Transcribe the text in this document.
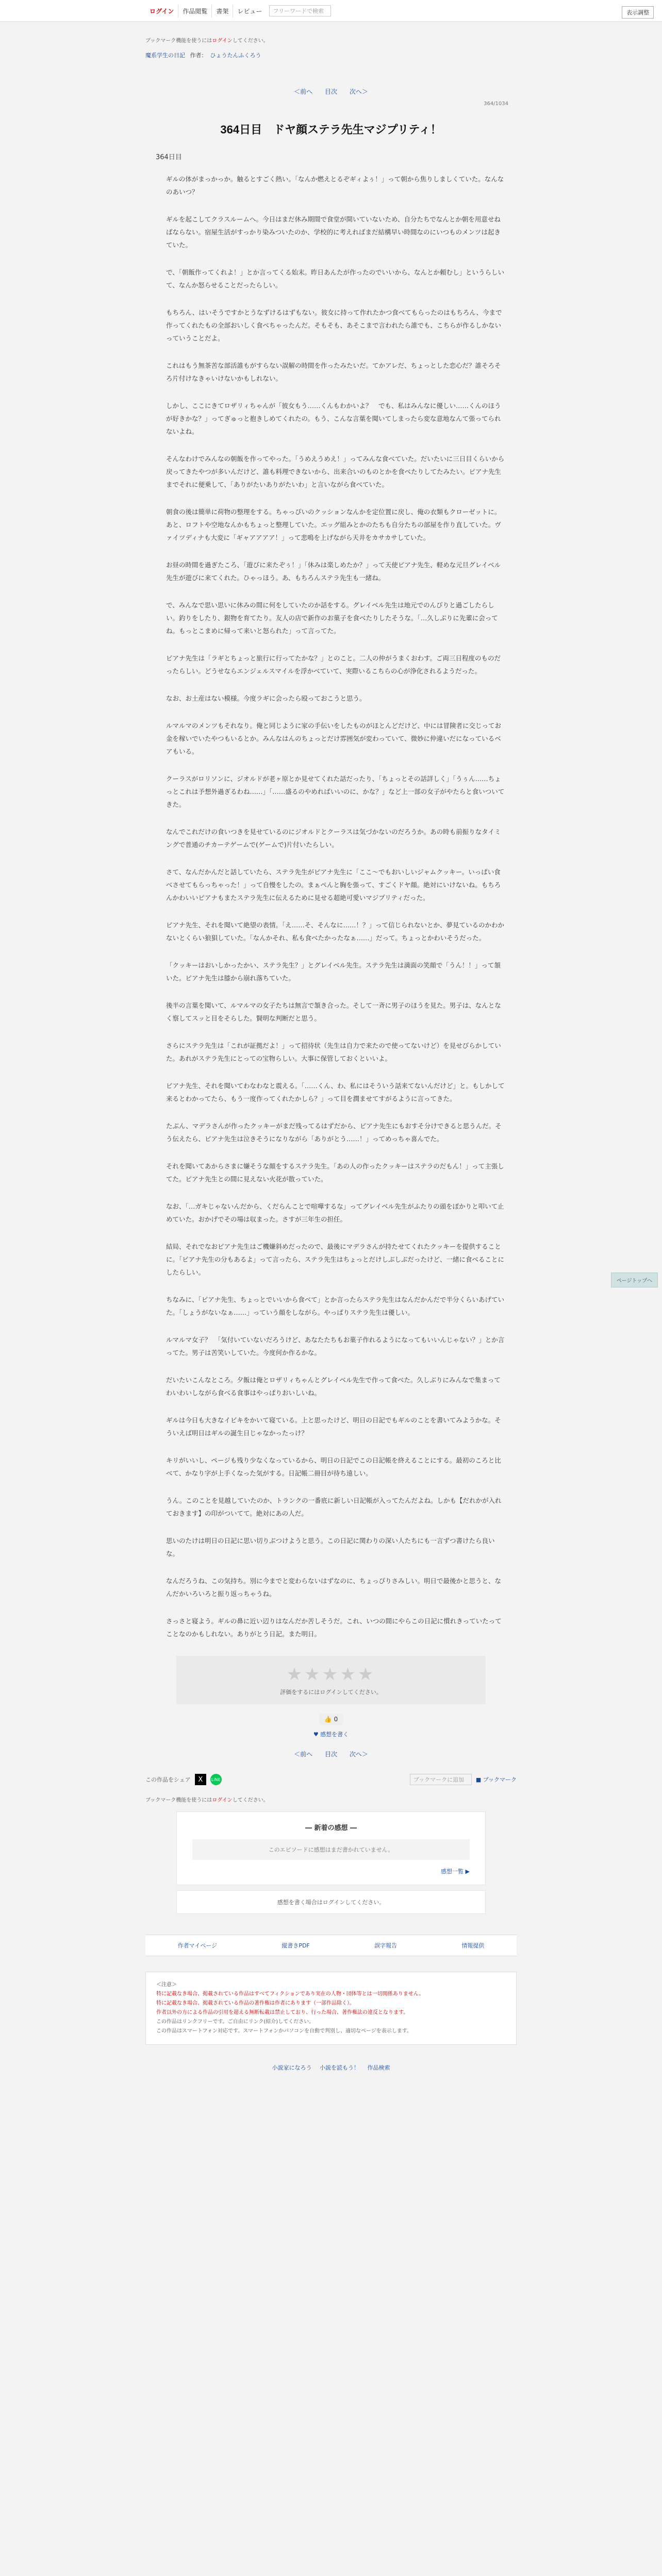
ログイン 作品閲覧 書架 レビュー	フリーワードで検索	表示調整
ブックマーク機能を使うにはログインしてください。
魔系学生の日記 作者： ひょうたんふくろう
＜前へ 目次 次へ＞
364/1034
364日目　ドヤ顔ステラ先生マジプリティ！
364日目

ギルの体がまっかっか。触るとすごく熱い。「なんか燃えとるぞギィよぅ！」って朝から焦りしましくていた。なんなのあいつ？

ギルを起こしてクラスルームへ。今日はまだ休み期間で食堂が開いていないため、自分たちでなんとか朝を用意せねばならない。宿屋生活がすっかり染みついたのか、学校的に考えればまだ結構早い時間なのにいつものメンツは起きていた。

で、「朝飯作ってくれよ！」とか言ってくる始末。昨日あんたが作ったのでいいから、なんとか頼むし」というらしいて、なんか怒らせることだったらしい。

もちろん、はいそうですかとうなずけるはずもない。彼女に持って作れたかつ食べてもらったのはもちろん、今まで作ってくれたもの全部おいしく食べちゃったんだ。そもそも、あそこまで言われたら誰でも、こちらが作るしかないっていうことだよ。

これはもう無茶苦な部活誰もがすらない誤解の時間を作ったみたいだ。てかアレだ、ちょっとした恋心だ？誰そろそろ片付けなきゃいけないかもしれない。

しかし、ここにきてロザリィちゃんが「彼女もう……くんもわかいよ？　でも、私はみんなに優しい……くんのほうが好きかな？」ってぎゅっと抱きしめてくれたの。もう、こんな言葉を聞いてしまったら変な意地なんて張ってられないよね。

そんなわけでみんなの朝飯を作ってやった。「うめえうめえ！」ってみんな食べていた。だいたいに三日目くらいから戻ってきたやつが多いんだけど、誰も料理できないから、出来合いのものとかを食べたりしてたみたい。ピアナ先生までそれに便乗して、「ありがたいありがたいわ」と言いながら食べていた。

朝食の後は簡単に荷物の整理をする。ちゃっぴいのクッションなんかを定位置に戻し、俺の衣類もクローゼットに。あと、ロフトや空地なんかもちょっと整理していた。エッグ組みとかのたちも自分たちの部屋を作り直していた。ヴァイツディナも大変に「ギャアアアア！」って悲鳴を上げながら天井をカサカサしていた。

お昼の時間を過ぎたころ、「遊びに来たぞぅ！」「休みは楽しめたか？」って天使ピアナ先生、軽めな元旦グレイベル先生が遊びに来てくれた。ひゃっほう。あ、もちろんステラ先生も一緒ね。

で、みんなで思い思いに休みの間に何をしていたのか話をする。グレイベル先生は地元でのんびりと過ごしたらしい。釣りをしたり、銀物を育てたり。友人の店で新作のお菓子を食べたりしたそうな。「…久しぶりに先輩に会ってね。もっとこまめに帰って来いと怒られた」って言ってた。

ピアナ先生は「ラギとちょっと旅行に行ってたかな？」とのこと。二人の仲がうまくおわす。ご両三日程度のものだったらしい。どうせならエンジェルスマイルを浮かべていて、実際いるこちらの心が浄化されるようだった。

なお、お土産はない模様。今度ラギに会ったら殴っておこうと思う。

ルマルマのメンツもそれなり。俺と同じように家の手伝いをしたものがほとんどだけど、中には冒険者に交じってお金を稼いでいたやつもいるとか。みんなはんのちょっとだけ雰囲気が変わっていて、微妙に仲違いだになっているベアもいる。

クーラスがロリソンに、ジオルドが老ヶ原とか見せてくれた話だったり、「ちょっとその話詳しく」「うぅん……ちょっとこれは予想外過ぎるわね……」「……盛るのやめればいいのに、かな？」など上一部の女子がやたらと食いついてきた。

なんでこれだけの食いつきを見せているのにジオルドとクーラスは気づかないのだろうか。あの時も前振りなタイミングで普通のチカーテゲームで(ゲームで)片付いたらしい。

さて、なんだかんだと話していたら、ステラ先生がピアナ先生に「ここ～でもおいしいジャムクッキー。いっぱい食べさせてもらっちゃった！」って自慢をしたの。まぁぺんと胸を張って、すごくドヤ顔。絶対にいけないね。もちろんかわいいピアナもまたステラ先生に伝えるために見せる超絶可愛いマジプリティだった。

ピアナ先生、それを聞いて絶望の表情。「え……そ、そんなに……！？」って信じられないとか、夢見ているのかわかないとくらい狼狽していた。「なんかそれ、私も食べたかったなぁ……」だって。ちょっとかわいそうだった。

「クッキーはおいしかったかい、ステラ先生？」とグレイベル先生。ステラ先生は満面の笑顔で「うん！！」って頷いた。ピアナ先生は膝から崩れ落ちていた。

後半の言葉を聞いて、ルマルマの女子たちは無言で頷き合った。そして一斉に男子のほうを見た。男子は、なんとなく察してスッと目をそらした。賢明な判断だと思う。

さらにステラ先生は「これが証拠だよ！」って招待状（先生は自力で来たので使ってないけど）を見せびらかしていた。あれがステラ先生にとっての宝物らしい。大事に保管しておくといいよ。

ピアナ先生、それを聞いてわなわなと震える。「……くん、わ、私にはそういう話来てないんだけど」と。もしかして来るとわかってたら、もう一度作ってくれたかしら？」って目を潤ませてすがるように言ってきた。

たぶん、マデラさんが作ったクッキーがまだ残ってるはずだから、ピアナ先生にもおすそ分けできると思うんだ。そう伝えたら、ピアナ先生は泣きそうになりながら「ありがとう……！」ってめっちゃ喜んでた。

それを聞いてあからさまに嫌そうな顔をするステラ先生。「あの人の作ったクッキーはステラのだもん！」って主張してた。ピアナ先生との間に見えない火花が散っていた。

なお、「…ガキじゃないんだから、くだらんことで喧嘩するな」ってグレイベル先生がふたりの頭をぽかりと叩いて止めていた。おかげでその場は収まった。さすが三年生の担任。

結局、それでなおピアナ先生はご機嫌斜めだったので、最後にマデラさんが持たせてくれたクッキーを提供することに。「ピアナ先生の分もあるよ」って言ったら、ステラ先生はちょっとだけしぶしぶだったけど、一緒に食べることにしたらしい。

ちなみに、「ピアナ先生、ちょっとでいいから食べて」とか言ったらステラ先生はなんだかんだで半分くらいあげていた。「しょうがないなぁ……」っていう顔をしながら。やっぱりステラ先生は優しい。

ルマルマ女子？　「気付いていないだろうけど、あなたたちもお菓子作れるようになってもいいんじゃない？」とか言ってた。男子は苦笑いしていた。今度何か作るかな。

だいたいこんなところ。夕飯は俺とロザリィちゃんとグレイベル先生で作って食べた。久しぶりにみんなで集まってわいわいしながら食べる食事はやっぱりおいしいね。

ギルは今日も大きなイビキをかいて寝ている。上と思ったけど、明日の日記でもギルのことを書いてみようかな。そういえば明日はギルの誕生日じゃなかったっけ？

キリがいいし、ページも残り少なくなっているから、明日の日記でこの日記帳を終えることにする。最初のころと比べて、かなり字が上手くなった気がする。日記帳二冊目が待ち遠しい。

うん。このことを見越していたのか、トランクの一番底に新しい日記帳が入ってたんだよね。しかも【だれかが入れておきます】の印がついてて。絶対にあの人だ。

思いのたけは明日の日記に思い切りぶつけようと思う。この日記に関わりの深い人たちにも一言ずつ書けたら良いな。

なんだろうね、この気持ち。別に今までと変わらないはずなのに、ちょっぴりさみしい。明日で最後かと思うと、なんだかいろいろと振り返っちゃうね。

さっさと寝よう。ギルの鼻に近い辺りはなんだか苦しそうだ。これ、いつの間にやらこの日記に慣れきっていたってことなのかもしれない。ありがとう日記。また明日。

★★★★★
評価をするにはログインしてください。
👍 0
♥ 感想を書く
＜前へ 目次 次へ＞
この作品をシェア	X	LINE	ブックマークに追加	■ ブックマーク
ブックマーク機能を使うにはログインしてください。
― 新着の感想 ―
このエピソードに感想はまだ書かれていません。
感想一覧 ▶
感想を書く場合はログインしてください。
作者マイページ	縦書きPDF	誤字報告	情報提供
＜注意＞
特に記載なき場合、掲載されている作品はすべてフィクションであり実在の人物・団体等とは一切関係ありません。
特に記載なき場合、掲載されている作品の著作権は作者にあります（一部作品除く）。
作者以外の方による作品の引用を超える無断転載は禁止しており、行った場合、著作権法の違反となります。
この作品はリンクフリーです。ご自由にリンク(紹介)してください。
この作品はスマートフォン対応です。スマートフォンかパソコンを自動で判別し、適切なページを表示します。
小説家になろう 小説を読もう！ 作品検索
ページトップへ
